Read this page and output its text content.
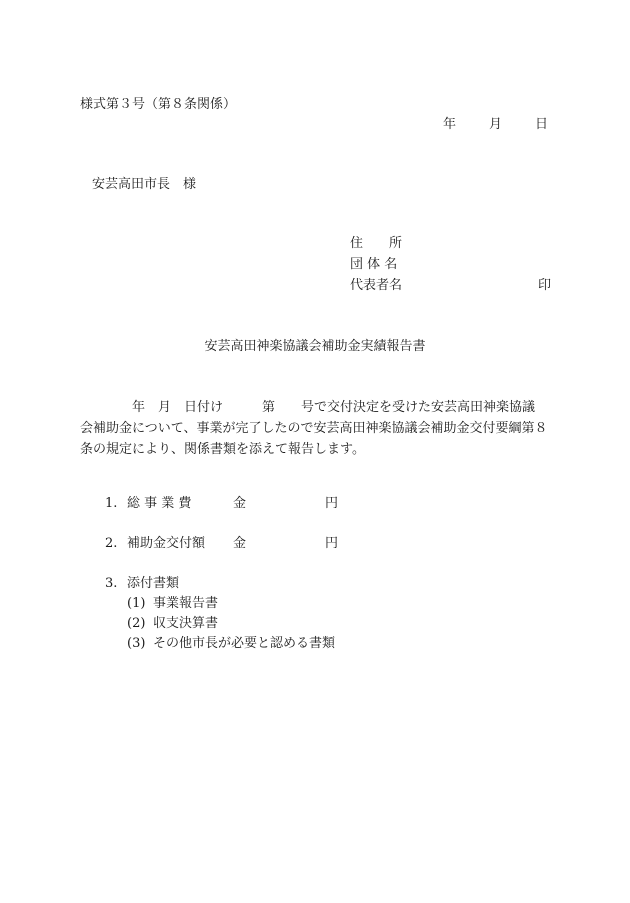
様式第３号（第８条関係）
年	月	日
安芸高田市長　様
住　　所
団 体 名
代表者名	印
安芸高田神楽協議会補助金実績報告書
　　　　年　月　日付け　　　第　　号で交付決定を受けた安芸高田神楽協議
会補助金について、事業が完了したので安芸高田神楽協議会補助金交付要綱第８
条の規定により、関係書類を添えて報告します。
1. 総 事 業 費	金	円
2. 補助金交付額 金	円
3. 添付書類
(1) 事業報告書
(2) 収支決算書
(3) その他市長が必要と認める書類
